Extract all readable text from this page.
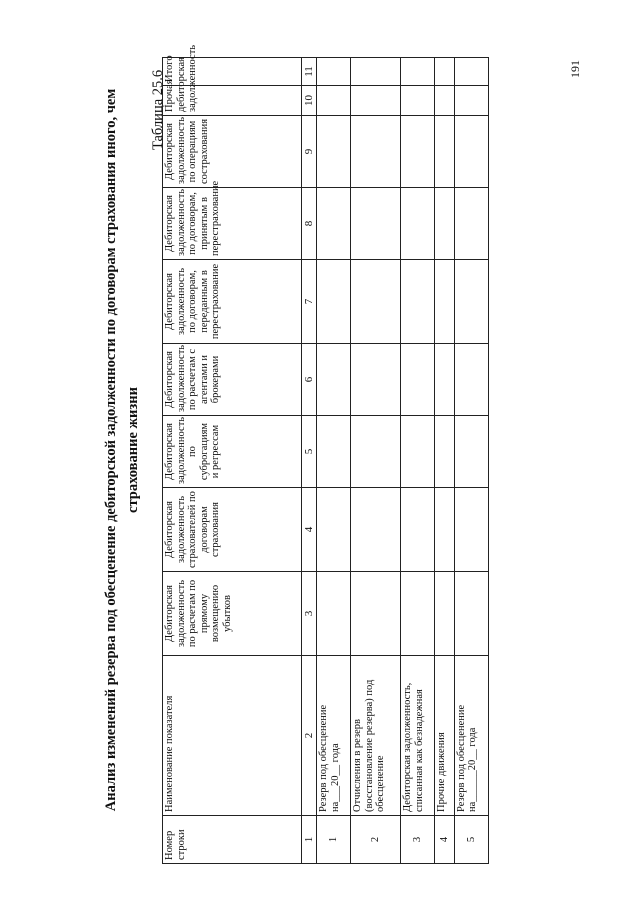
Анализ изменений резерва под обесценение дебиторской задолженности по договорам страхования иного, чем страхование жизни
Таблица 25.6
191
Номер строки	Наименование показателя	Дебиторская задолженность по расчетам по прямому возмещению убытков	Дебиторская задолженность страхователей по договорам страхования	Дебиторская задолженность по суброгациям и регрессам	Дебиторская задолженность по расчетам с агентами и брокерами	Дебиторская задолженность по договорам, переданным в перестрахование	Дебиторская задолженность по договорам, принятым в перестрахование	Дебиторская задолженность по операциям сострахования	Прочая дебиторская задолженность	Итого
1	2	3	4	5	6	7	8	9	10	11
1	Резерв под обесценение на___20__ года									
2	Отчисления в резерв (восстановление резерва) под обесценение									
3	Дебиторская задолженность, списанная как безнадежная									
4	Прочие движения									
5	Резерв под обесценение на______20__ года									
